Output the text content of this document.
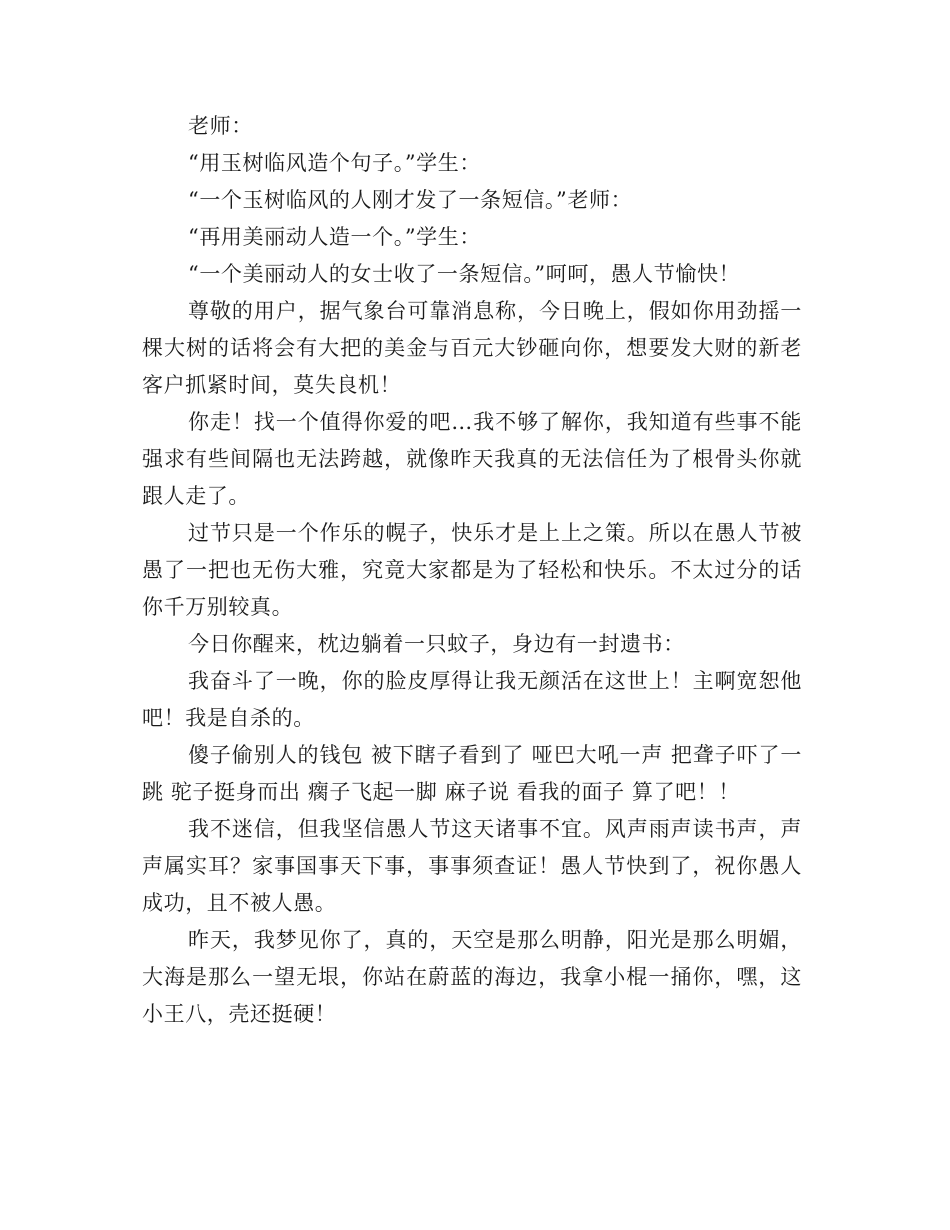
老师：

“用玉树临风造个句子。”学生：

“一个玉树临风的人刚才发了一条短信。”老师：

“再用美丽动人造一个。”学生：

“一个美丽动人的女士收了一条短信。”呵呵，愚人节愉快！

尊敬的用户，据气象台可靠消息称，今日晚上，假如你用劲摇一棵大树的话将会有大把的美金与百元大钞砸向你，想要发大财的新老客户抓紧时间，莫失良机！

你走！找一个值得你爱的吧…我不够了解你，我知道有些事不能强求有些间隔也无法跨越，就像昨天我真的无法信任为了根骨头你就跟人走了。

过节只是一个作乐的幌子，快乐才是上上之策。所以在愚人节被愚了一把也无伤大雅，究竟大家都是为了轻松和快乐。不太过分的话你千万别较真。

今日你醒来，枕边躺着一只蚊子，身边有一封遗书：

我奋斗了一晚，你的脸皮厚得让我无颜活在这世上！主啊宽恕他吧！我是自杀的。

傻子偷别人的钱包 被下瞎子看到了 哑巴大吼一声 把聋子吓了一跳 驼子挺身而出 瘸子飞起一脚 麻子说 看我的面子 算了吧！！

我不迷信，但我坚信愚人节这天诸事不宜。风声雨声读书声，声声属实耳？家事国事天下事，事事须查证！愚人节快到了，祝你愚人成功，且不被人愚。

昨天，我梦见你了，真的，天空是那么明静，阳光是那么明媚，大海是那么一望无垠，你站在蔚蓝的海边，我拿小棍一捅你，嘿，这小王八，壳还挺硬！
